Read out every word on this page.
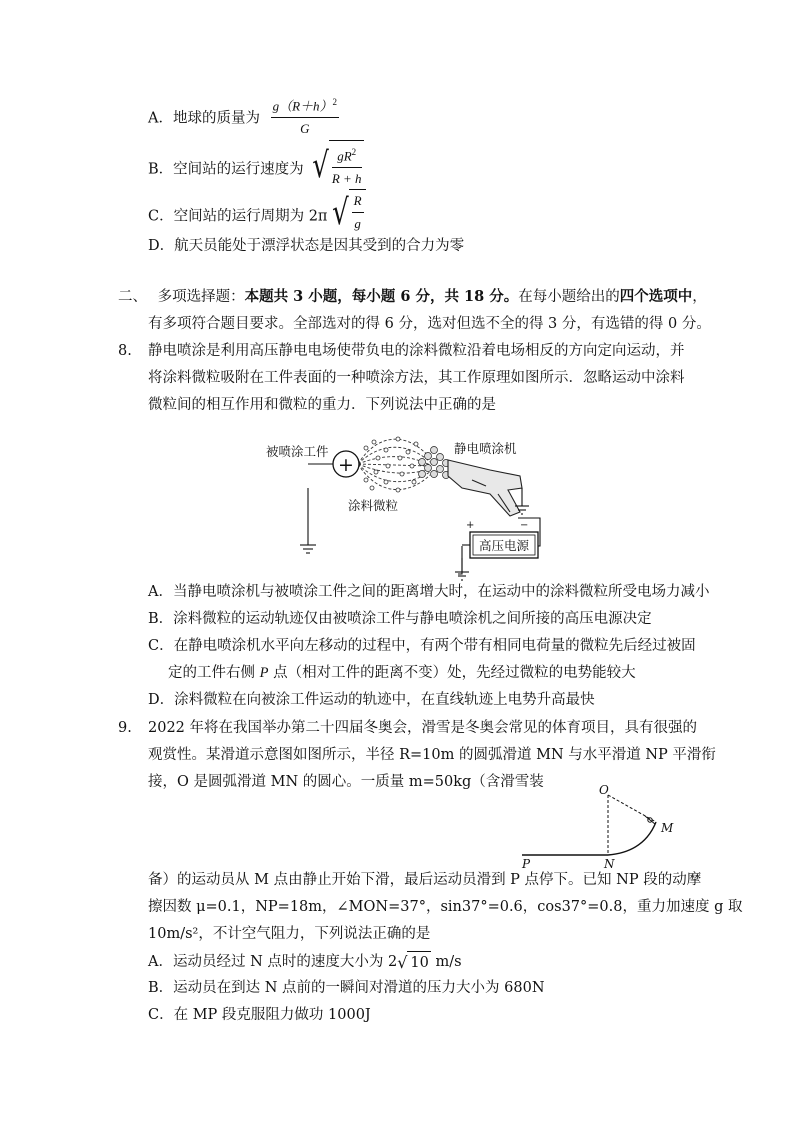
A．地球的质量为 $\frac{g(R+h)^2}{G}$
B．空间站的运行速度为 √ $\frac{gR^2}{R + h}$
C．空间站的运行周期为 2π √ $\frac{R}{g}$
D．航天员能处于漂浮状态是因其受到的合力为零
二、 多项选择题：本题共 3 小题，每小题 6 分，共 18 分。在每小题给出的四个选项中，
有多项符合题目要求。全部选对的得 6 分，选对但选不全的得 3 分，有选错的得 0 分。
8. 静电喷涂是利用高压静电电场使带负电的涂料微粒沿着电场相反的方向定向运动，并
将涂料微粒吸附在工件表面的一种喷涂方法，其工作原理如图所示．忽略运动中涂料
微粒间的相互作用和微粒的重力．下列说法中正确的是
+
高压电源
+	−
被喷涂工件	静电喷涂机
涂料微粒
A．当静电喷涂机与被喷涂工件之间的距离增大时，在运动中的涂料微粒所受电场力减小
B．涂料微粒的运动轨迹仅由被喷涂工件与静电喷涂机之间所接的高压电源决定
C．在静电喷涂机水平向左移动的过程中，有两个带有相同电荷量的微粒先后经过被固
定的工件右侧 P 点（相对工件的距离不变）处，先经过微粒的电势能较大
D．涂料微粒在向被涂工件运动的轨迹中，在直线轨迹上电势升高最快
9. 2022 年将在我国举办第二十四届冬奥会，滑雪是冬奥会常见的体育项目，具有很强的
观赏性。某滑道示意图如图所示，半径 R=10m 的圆弧滑道 MN 与水平滑道 NP 平滑衔
接，O 是圆弧滑道 MN 的圆心。一质量 m=50kg（含滑雪装	O
M
N
P
备）的运动员从 M 点由静止开始下滑，最后运动员滑到 P 点停下。已知 NP 段的动摩
擦因数 μ=0.1，NP=18m，∠MON=37°，sin37°=0.6，cos37°=0.8，重力加速度 g 取
10m/s²，不计空气阻力，下列说法正确的是
A．运动员经过 N 点时的速度大小为 2√ 10 m/s
B．运动员在到达 N 点前的一瞬间对滑道的压力大小为 680N
C．在 MP 段克服阻力做功 1000J
